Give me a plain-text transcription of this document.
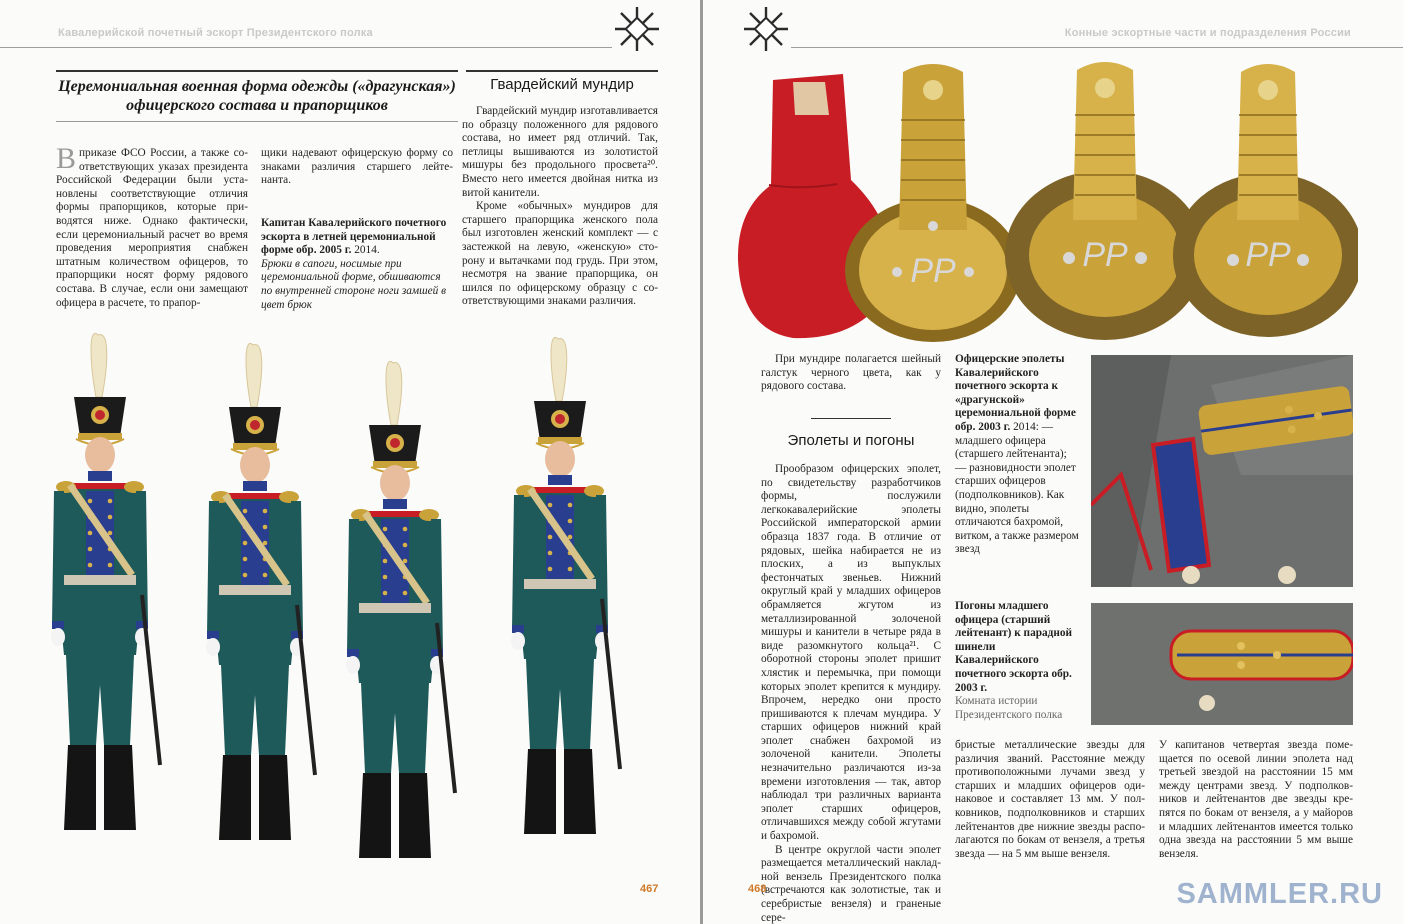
Кавалерийской почетный эскорт Президентского полка
Церемониальная военная форма одежды («драгунская») офицерского состава и прапорщиков
Вприказе ФСО России, а также соответствующих указах президента Российской Федерации были установлены соответствующие отличия формы прапорщиков, которые приводятся ниже. Однако фактически, если церемониальный расчет во время проведения мероприятия снабжен штатным количеством офицеров, то прапорщики носят форму рядового состава. В случае, если они замещают офицера в расчете, то прапор-
щики надевают офицерскую форму со знаками различия старшего лейтенанта.
Капитан Кавалерийского почетного эскорта в летней церемониальной форме обр. 2005 г. 2014.
Брюки в сапоги, носимые при церемониальной форме, обшиваются по внутренней стороне ноги замшей в цвет брюк
Гвардейский мундир

Гвардейский мундир изготавливается по образцу положенного для рядового состава, но имеет ряд отличий. Так, петлицы вышиваются из золотистой мишуры без продольного просвета²⁰. Вместо него имеется двойная нитка из витой канители.

Кроме «обычных» мундиров для старшего прапорщика женского пола был изготовлен женский комплект — с застежкой на левую, «женскую» сторону и вытачками под грудь. При этом, несмотря на звание прапорщика, он шился по офицерскому образцу с соответствующими знаками различия.

467
Конные эскортные части и подразделения России
PP	PP	PP

При мундире полагается шейный галстук черного цвета, как у рядового состава.

Эполеты и погоны

Прообразом офицерских эполет, по свидетельству разработчиков формы, послужили легкокавалерийские эполеты Российской императорской армии образца 1837 года. В отличие от рядовых, шейка набирается не из плоских, а из выпуклых фестончатых звеньев. Нижний округлый край у младших офицеров обрамляется жгутом из металлизированной золоченой мишуры и канители в четыре ряда в виде разомкнутого кольца²¹. С оборотной стороны эполет пришит хлястик и перемычка, при помощи которых эполет крепится к мундиру. Впрочем, нередко они просто пришиваются к плечам мундира. У старших офицеров нижний край эполет снабжен бахромой из золоченой канители. Эполеты незначительно различаются из-за времени изготовления — так, автор наблюдал три различных варианта эполет старших офицеров, отличавшихся между собой жгутами и бахромой.

В центре округлой части эполет размещается металлический накладной вензель Президентского полка (встречаются как золотистые, так и серебристые вензеля) и граненые сере-

Офицерские эполеты Кавалерийского почетного эскорта к «драгунской» церемониальной форме обр. 2003 г. 2014: — младшего офицера (старшего лейтенанта); — разновидности эполет старших офицеров (подполковников). Как видно, эполеты отличаются бахромой, витком, а также размером звезд
Погоны младшего офицера (старший лейтенант) к парадной шинели Кавалерийского почетного эскорта обр. 2003 г.
Комната истории Президентского полка

бристые металлические звезды для различия званий. Расстояние между противоположными лучами звезд у старших и младших офицеров одинаковое и составляет 13 мм. У полковников, подполковников и старших лейтенантов две нижние звезды располагаются по бокам от вензеля, а третья звезда — на 5 мм выше вензеля.

У капитанов четвертая звезда помещается по осевой линии эполета над третьей звездой на расстоянии 15 мм между центрами звезд. У подполковников и лейтенантов две звезды крепятся по бокам от вензеля, а у майоров и младших лейтенантов имеется только одна звезда на расстоянии 5 мм выше вензеля.

468	SAMMLER.RU
